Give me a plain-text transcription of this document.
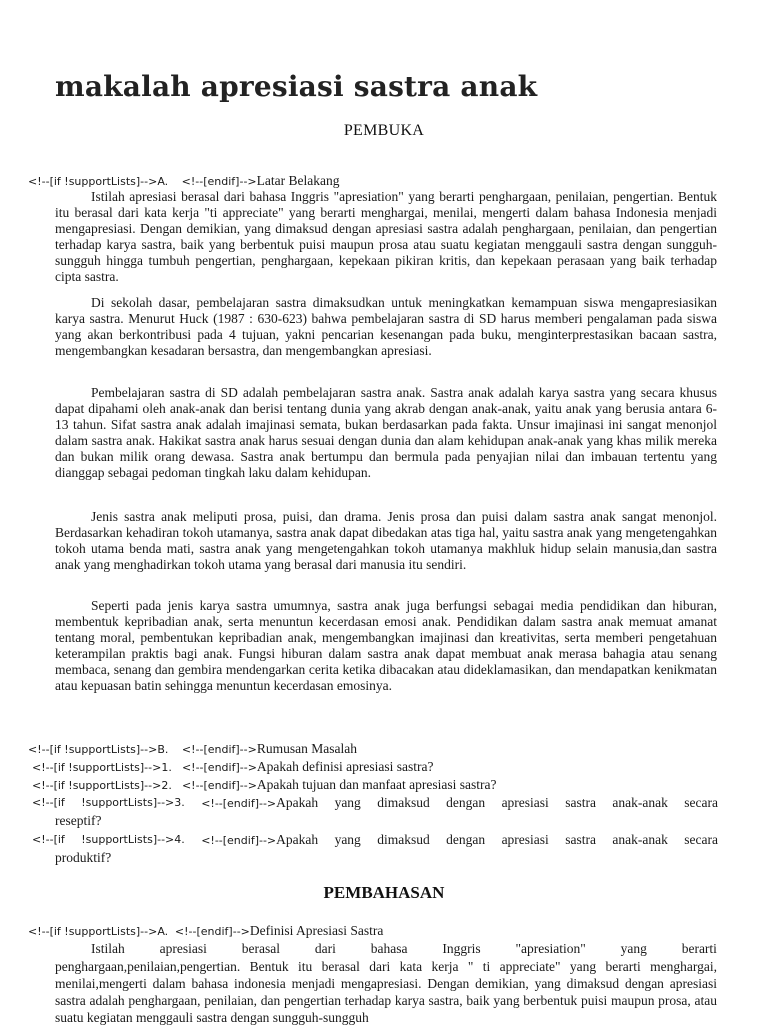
makalah apresiasi sastra anak
PEMBUKA
<!--[if !supportLists]-->A. <!--[endif]-->Latar Belakang

Istilah apresiasi berasal dari bahasa Inggris "apresiation" yang berarti penghargaan, penilaian, pengertian. Bentuk itu berasal dari kata kerja "ti appreciate" yang berarti menghargai, menilai, mengerti dalam bahasa Indonesia menjadi mengapresiasi. Dengan demikian, yang dimaksud dengan apresiasi sastra adalah penghargaan, penilaian, dan pengertian terhadap karya sastra, baik yang berbentuk puisi maupun prosa atau suatu kegiatan menggauli sastra dengan sungguh-sungguh hingga tumbuh pengertian, penghargaan, kepekaan pikiran kritis, dan kepekaan perasaan yang baik terhadap cipta sastra.

Di sekolah dasar, pembelajaran sastra dimaksudkan untuk meningkatkan kemampuan siswa mengapresiasikan karya sastra. Menurut Huck (1987 : 630-623) bahwa pembelajaran sastra di SD harus memberi pengalaman pada siswa yang akan berkontribusi pada 4 tujuan, yakni pencarian kesenangan pada buku, menginterprestasikan bacaan sastra, mengembangkan kesadaran bersastra, dan mengembangkan apresiasi.

Pembelajaran sastra di SD adalah pembelajaran sastra anak. Sastra anak adalah karya sastra yang secara khusus dapat dipahami oleh anak-anak dan berisi tentang dunia yang akrab dengan anak-anak, yaitu anak yang berusia antara 6-13 tahun. Sifat sastra anak adalah imajinasi semata, bukan berdasarkan pada fakta. Unsur imajinasi ini sangat menonjol dalam sastra anak. Hakikat sastra anak harus sesuai dengan dunia dan alam kehidupan anak-anak yang khas milik mereka dan bukan milik orang dewasa. Sastra anak bertumpu dan bermula pada penyajian nilai dan imbauan tertentu yang dianggap sebagai pedoman tingkah laku dalam kehidupan.

Jenis sastra anak meliputi prosa, puisi, dan drama. Jenis prosa dan puisi dalam sastra anak sangat menonjol. Berdasarkan kehadiran tokoh utamanya, sastra anak dapat dibedakan atas tiga hal, yaitu sastra anak yang mengetengahkan tokoh utama benda mati, sastra anak yang mengetengahkan tokoh utamanya makhluk hidup selain manusia,dan sastra anak yang menghadirkan tokoh utama yang berasal dari manusia itu sendiri.

Seperti pada jenis karya sastra umumnya, sastra anak juga berfungsi sebagai media pendidikan dan hiburan, membentuk kepribadian anak, serta menuntun kecerdasan emosi anak. Pendidikan dalam sastra anak memuat amanat tentang moral, pembentukan kepribadian anak, mengembangkan imajinasi dan kreativitas, serta memberi pengetahuan keterampilan praktis bagi anak. Fungsi hiburan dalam sastra anak dapat membuat anak merasa bahagia atau senang membaca, senang dan gembira mendengarkan cerita ketika dibacakan atau dideklamasikan, dan mendapatkan kenikmatan atau kepuasan batin sehingga menuntun kecerdasan emosinya.

<!--[if !supportLists]-->B. <!--[endif]-->Rumusan Masalah
<!--[if !supportLists]-->1. <!--[endif]-->Apakah definisi apresiasi sastra?
<!--[if !supportLists]-->2. <!--[endif]-->Apakah tujuan dan manfaat apresiasi sastra?
<!--[if !supportLists]-->3. <!--[endif]-->Apakah yang dimaksud dengan apresiasi sastra anak-anak secara
reseptif?
<!--[if !supportLists]-->4. <!--[endif]-->Apakah yang dimaksud dengan apresiasi sastra anak-anak secara
produktif?
PEMBAHASAN
<!--[if !supportLists]-->A. <!--[endif]-->Definisi Apresiasi Sastra
Istilah	apresiasi	berasal	dari	bahasa	Inggris	"apresiation"	yang	berarti

penghargaan,penilaian,pengertian. Bentuk itu berasal dari kata kerja " ti appreciate" yang berarti menghargai, menilai,mengerti dalam bahasa indonesia menjadi mengapresiasi. Dengan demikian, yang dimaksud dengan apresiasi sastra adalah penghargaan, penilaian, dan pengertian terhadap karya sastra, baik yang berbentuk puisi maupun prosa, atau suatu kegiatan menggauli sastra dengan sungguh-sungguh
